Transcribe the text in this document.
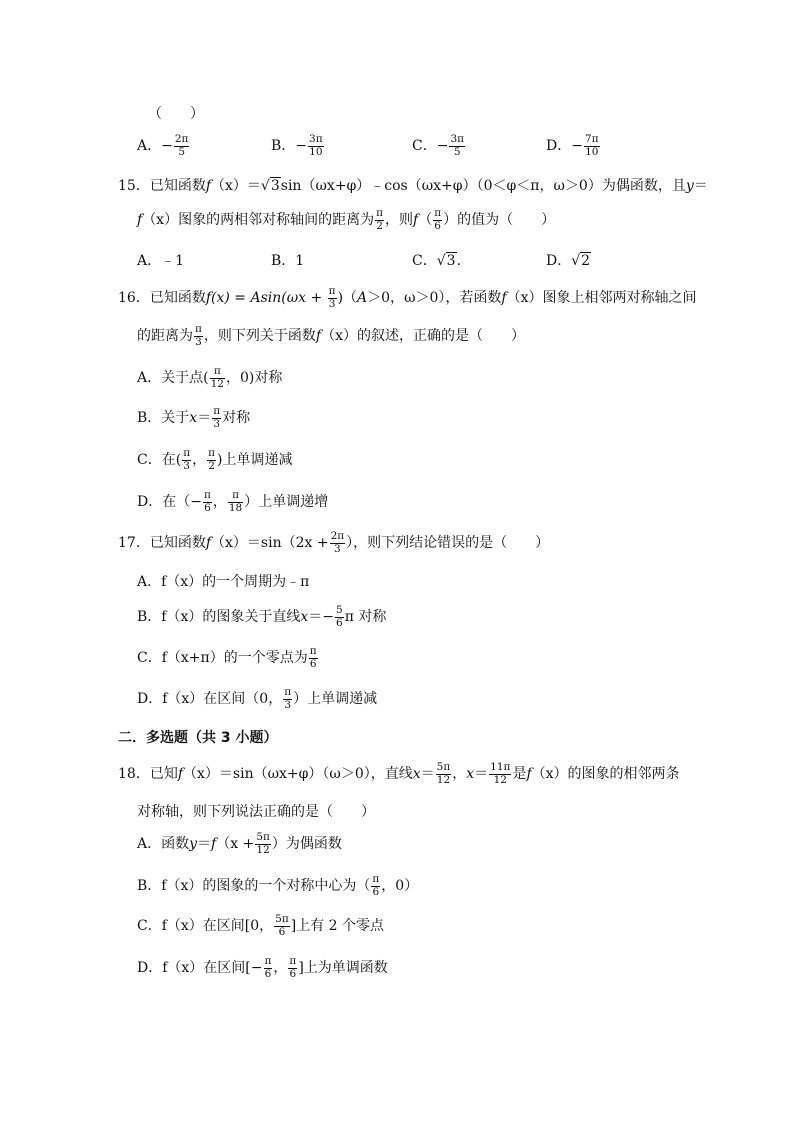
（　　）
A．− $\frac{2\pi}{5}$	B．− $\frac{3\pi}{10}$	C．− $\frac{3\pi}{5}$	D．− $\frac{7\pi}{10}$
15．已知函数f（x）＝√3sin（ωx+φ）﹣cos（ωx+φ）（0＜φ＜π，ω＞0）为偶函数，且y＝
f（x）图象的两相邻对称轴间的距离为 $\frac{\pi}{2}$ ，则$f( \frac{\pi}{6}$ ）的值为（　　）
A．﹣1	B．1	C．√3.	D．√2
16．已知函数$f(x) = Asin(\omega x + \frac{\pi}{3} )(A>0$，ω＞0），若函数f（x）图象上相邻两对称轴之间
的距离为 $\frac{\pi}{3}$ ，则下列关于函数f（x）的叙述，正确的是（　　）
A．关于点( $\frac{\pi}{12}$ ，0)对称
B．关于$x= \frac{\pi}{3}$ 对称
C．在( $\frac{\pi}{3}$ ， $\frac{\pi}{2}$ )上单调递减
D．在（− $\frac{\pi}{6}$ ， $\frac{\pi}{18}$ ）上单调递增
17．已知函数$f(x)=\sin(2x + \frac{2\pi}{3}$ ），则下列结论错误的是（　　）
A．f（x）的一个周期为﹣π
B．f（x）的图象关于直线$x=- \frac{5}{6}$ π 对称
C．f（x+π）的一个零点为 $\frac{\pi}{6}$
D．f（x）在区间（0， $\frac{\pi}{3}$ ）上单调递减
二．多选题（共 3 小题）
18．已知f（x）＝sin（ωx+φ）（ω＞0），直线$x= \frac{5\pi}{12}$ ，$x= \frac{11\pi}{12}$ 是f（x）的图象的相邻两条
对称轴，则下列说法正确的是（　　）
A．函数$y=f(x + \frac{5\pi}{12}$ ）为偶函数
B．f（x）的图象的一个对称中心为（ $\frac{\pi}{6}$ ，0）
C．f（x）在区间[0， $\frac{5\pi}{6}$ ]上有 2 个零点
D．f（x）在区间[− $\frac{\pi}{6}$ ， $\frac{\pi}{6}$ ]上为单调函数
